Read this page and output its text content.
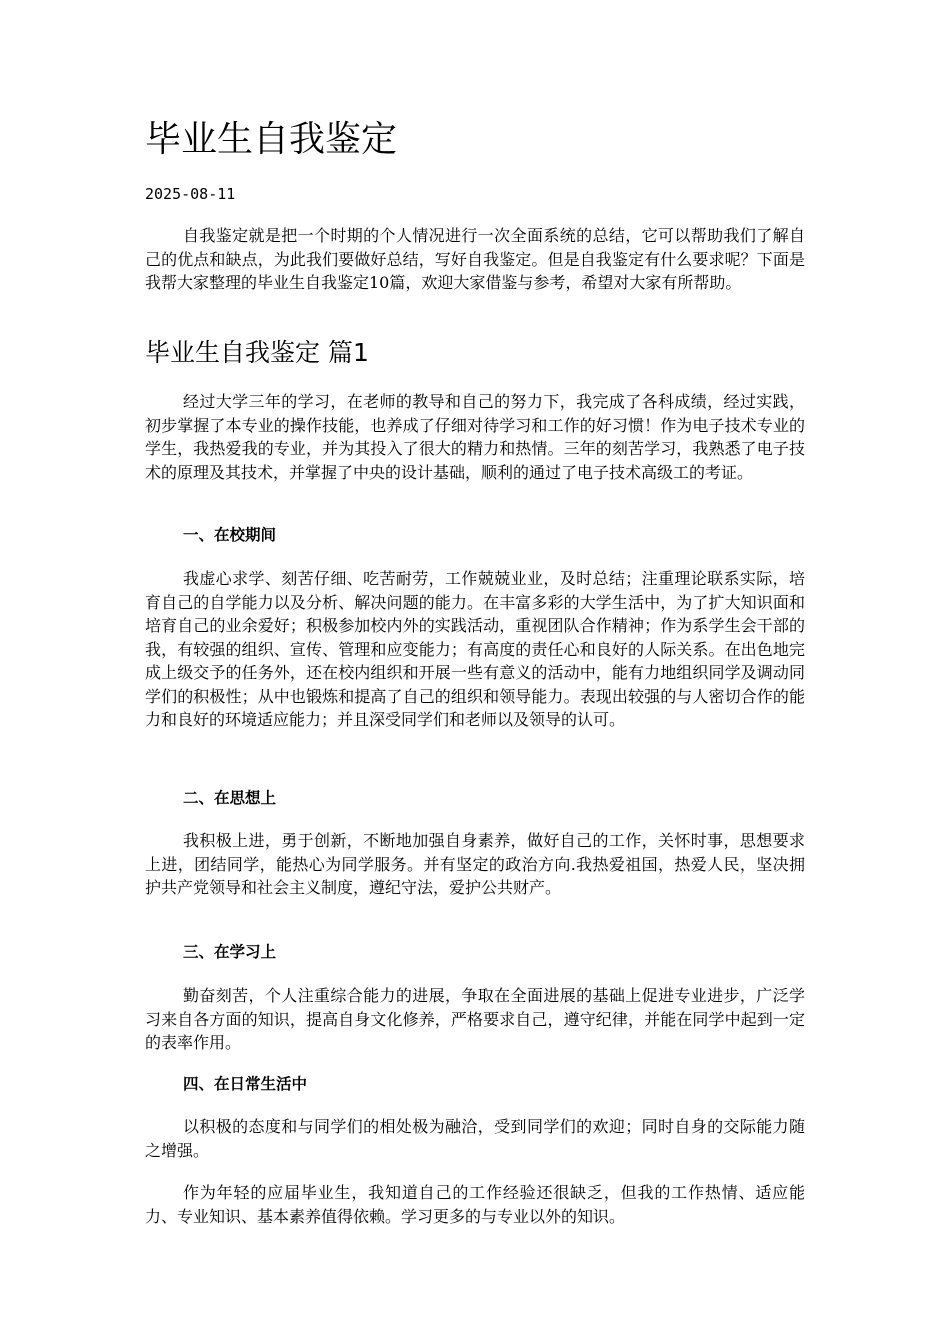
毕业生自我鉴定

2025-08-11

自我鉴定就是把一个时期的个人情况进行一次全面系统的总结，它可以帮助我们了解自己的优点和缺点，为此我们要做好总结，写好自我鉴定。但是自我鉴定有什么要求呢？下面是我帮大家整理的毕业生自我鉴定10篇，欢迎大家借鉴与参考，希望对大家有所帮助。

毕业生自我鉴定 篇1

经过大学三年的学习，在老师的教导和自己的努力下，我完成了各科成绩，经过实践，初步掌握了本专业的操作技能，也养成了仔细对待学习和工作的好习惯！作为电子技术专业的学生，我热爱我的专业，并为其投入了很大的精力和热情。三年的刻苦学习，我熟悉了电子技术的原理及其技术，并掌握了中央的设计基础，顺利的通过了电子技术高级工的考证。

一、在校期间

我虚心求学、刻苦仔细、吃苦耐劳，工作兢兢业业，及时总结；注重理论联系实际，培育自己的自学能力以及分析、解决问题的能力。在丰富多彩的大学生活中，为了扩大知识面和培育自己的业余爱好；积极参加校内外的实践活动，重视团队合作精神；作为系学生会干部的我，有较强的组织、宣传、管理和应变能力；有高度的责任心和良好的人际关系。在出色地完成上级交予的任务外，还在校内组织和开展一些有意义的活动中，能有力地组织同学及调动同学们的积极性；从中也锻炼和提高了自己的组织和领导能力。表现出较强的与人密切合作的能力和良好的环境适应能力；并且深受同学们和老师以及领导的认可。

二、在思想上

我积极上进，勇于创新，不断地加强自身素养，做好自己的工作，关怀时事，思想要求上进，团结同学，能热心为同学服务。并有坚定的政治方向.我热爱祖国，热爱人民，坚决拥护共产党领导和社会主义制度，遵纪守法，爱护公共财产。

三、在学习上

勤奋刻苦，个人注重综合能力的进展，争取在全面进展的基础上促进专业进步，广泛学习来自各方面的知识，提高自身文化修养，严格要求自己，遵守纪律，并能在同学中起到一定的表率作用。

四、在日常生活中

以积极的态度和与同学们的相处极为融洽，受到同学们的欢迎；同时自身的交际能力随之增强。

作为年轻的应届毕业生，我知道自己的工作经验还很缺乏，但我的工作热情、适应能力、专业知识、基本素养值得依赖。学习更多的与专业以外的知识。
